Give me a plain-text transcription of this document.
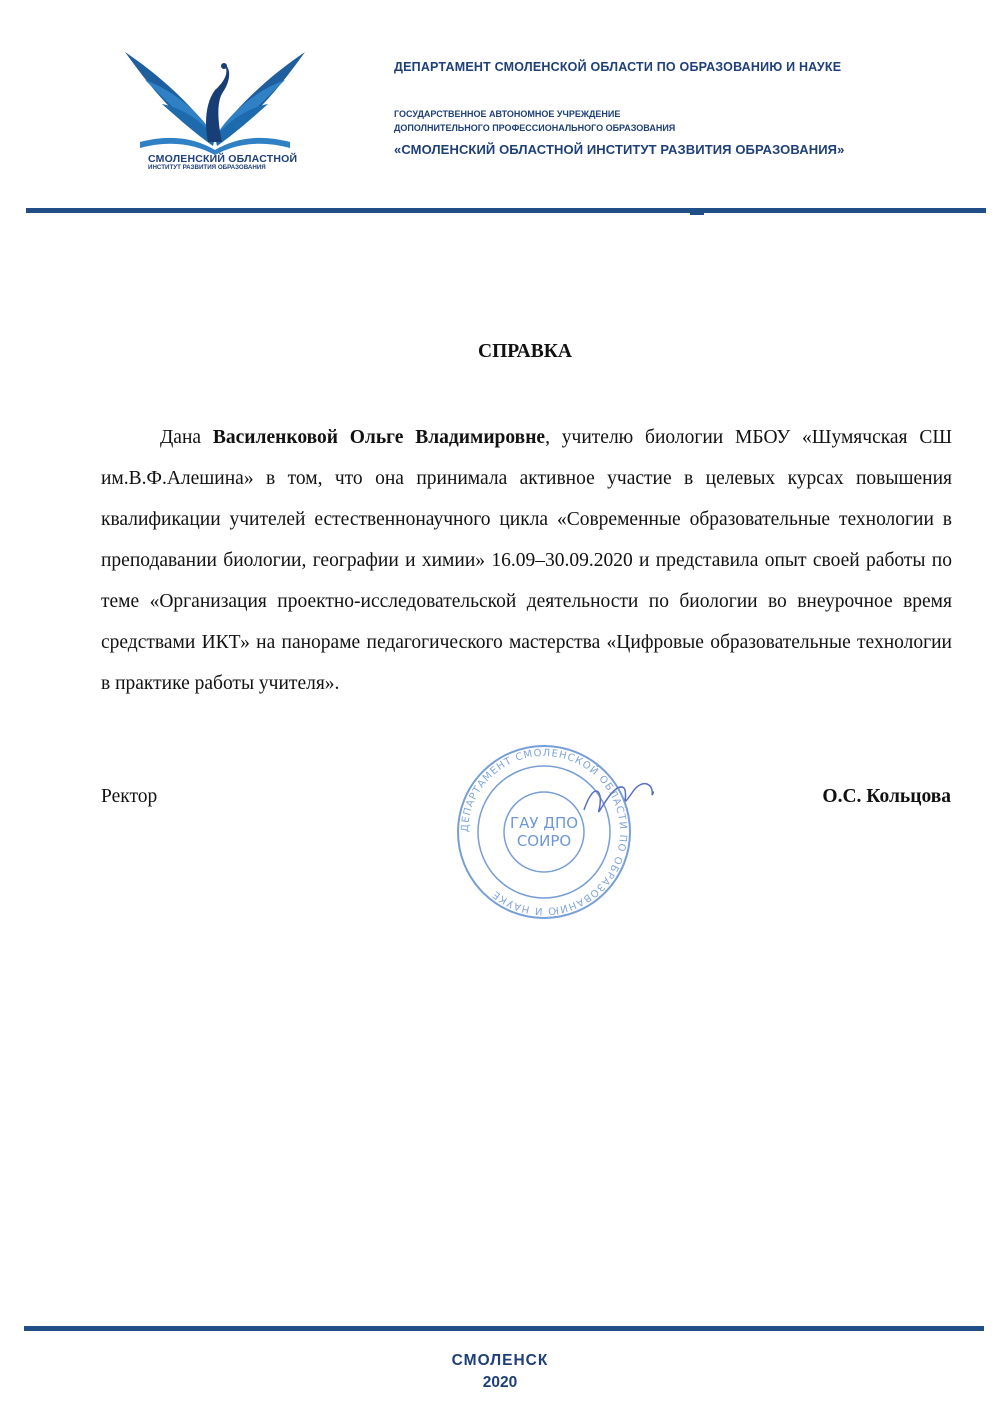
СМОЛЕНСКИЙ ОБЛАСТНОЙ
ИНСТИТУТ РАЗВИТИЯ ОБРАЗОВАНИЯ

ДЕПАРТАМЕНТ СМОЛЕНСКОЙ ОБЛАСТИ ПО ОБРАЗОВАНИЮ И НАУКЕ

ГОСУДАРСТВЕННОЕ АВТОНОМНОЕ УЧРЕЖДЕНИЕ

ДОПОЛНИТЕЛЬНОГО ПРОФЕССИОНАЛЬНОГО ОБРАЗОВАНИЯ

«СМОЛЕНСКИЙ ОБЛАСТНОЙ ИНСТИТУТ РАЗВИТИЯ ОБРАЗОВАНИЯ»

СПРАВКА

Дана Василенковой Ольге Владимировне, учителю биологии МБОУ «Шумячская СШ им.В.Ф.Алешина» в том, что она принимала активное участие в целевых курсах повышения квалификации учителей естественнонаучного цикла «Современные образовательные технологии в преподавании биологии, географии и химии» 16.09–30.09.2020 и представила опыт своей работы по теме «Организация проектно-исследовательской деятельности по биологии во внеурочное время средствами ИКТ» на панораме педагогического мастерства «Цифровые образовательные технологии в практике работы учителя».

ДЕПАРТАМЕНТ СМОЛЕНСКОЙ ОБЛАСТИ ПО ОБРАЗОВАНИЮ И НАУКЕ
ГАУ ДПО
СОИРО

Ректор	О.С. Кольцова

СМОЛЕНСК

2020
